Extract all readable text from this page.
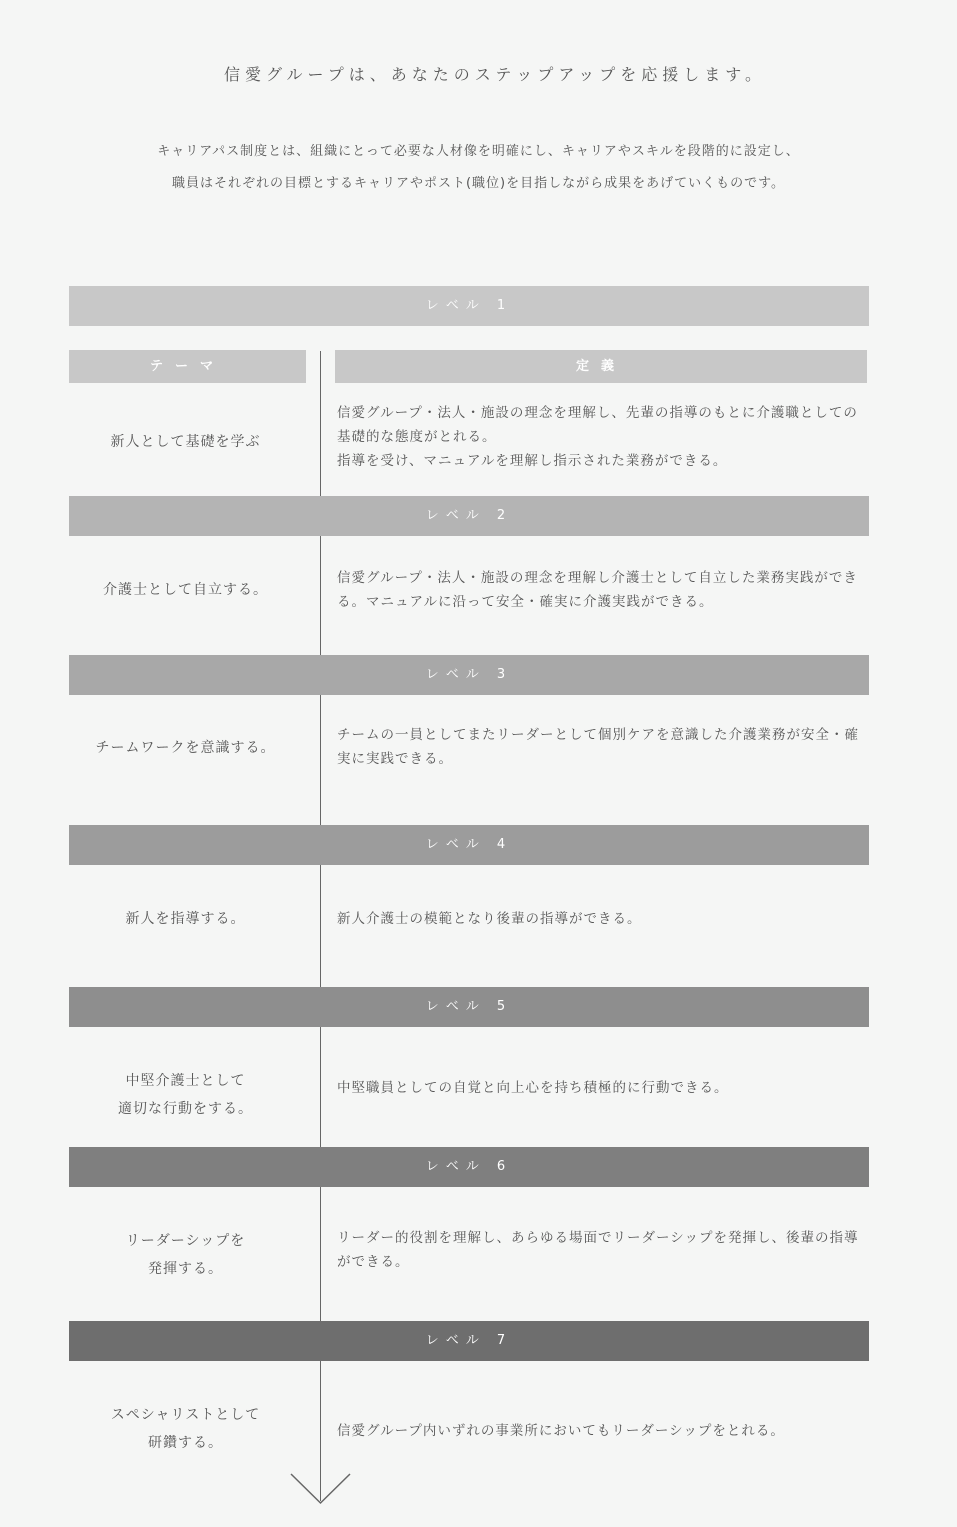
信愛グループは、あなたのステップアップを応援します。
キャリアパス制度とは、組織にとって必要な人材像を明確にし、キャリアやスキルを段階的に設定し、
職員はそれぞれの目標とするキャリアやポスト(職位)を目指しながら成果をあげていくものです。
レベル 1
テーマ	定義
新人として基礎を学ぶ
信愛グループ・法人・施設の理念を理解し、先輩の指導のもとに介護職としての基礎的な態度がとれる。
指導を受け、マニュアルを理解し指示された業務ができる。
レベル 2
介護士として自立する。
信愛グループ・法人・施設の理念を理解し介護士として自立した業務実践ができる。マニュアルに沿って安全・確実に介護実践ができる。
レベル 3
チームワークを意識する。
チームの一員としてまたリーダーとして個別ケアを意識した介護業務が安全・確実に実践できる。
レベル 4
新人を指導する。	新人介護士の模範となり後輩の指導ができる。
レベル 5
中堅介護士として
適切な行動をする。
中堅職員としての自覚と向上心を持ち積極的に行動できる。
レベル 6
リーダーシップを
発揮する。
リーダー的役割を理解し、あらゆる場面でリーダーシップを発揮し、後輩の指導ができる。
レベル 7
スペシャリストとして
研鑽する。
信愛グループ内いずれの事業所においてもリーダーシップをとれる。
